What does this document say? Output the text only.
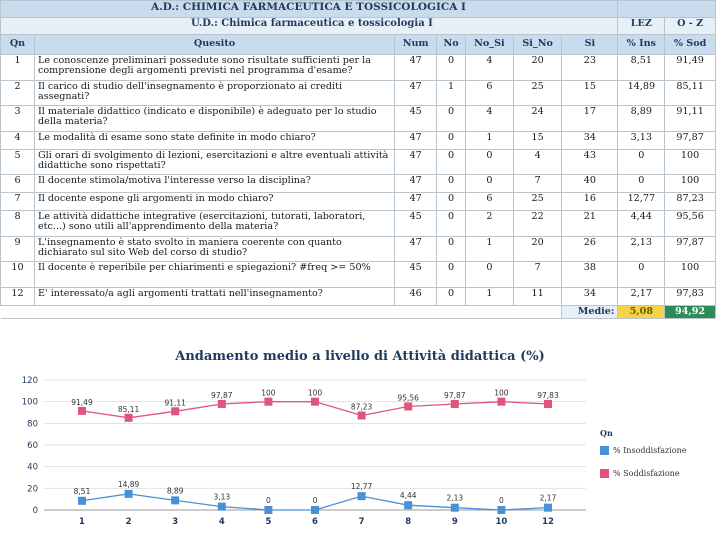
A.D.: CHIMICA FARMACEUTICA E TOSSICOLOGICA I								
U.D.: Chimica farmaceutica e tossicologia I							LEZ	O - Z
Qn	Quesito	Num	No	No_Si	Si_No	Si	% Ins	% Sod
1	Le conoscenze preliminari possedute sono risultate sufficienti per la comprensione degli argomenti previsti nel programma d'esame?	47	0	4	20	23	8,51	91,49
2	Il carico di studio dell'insegnamento è proporzionato ai crediti assegnati?	47	1	6	25	15	14,89	85,11
3	Il materiale didattico (indicato e disponibile) è adeguato per lo studio della materia?	45	0	4	24	17	8,89	91,11
4	Le modalità di esame sono state definite in modo chiaro?	47	0	1	15	34	3,13	97,87
5	Gli orari di svolgimento di lezioni, esercitazioni e altre eventuali attività didattiche sono rispettati?	47	0	0	4	43	0	100
6	Il docente stimola/motiva l'interesse verso la disciplina?	47	0	0	7	40	0	100
7	Il docente espone gli argomenti in modo chiaro?	47	0	6	25	16	12,77	87,23
8	Le attività didattiche integrative (esercitazioni, tutorati, laboratori, etc...) sono utili all'apprendimento della materia?	45	0	2	22	21	4,44	95,56
9	L'insegnamento è stato svolto in maniera coerente con quanto dichiarato sul sito Web del corso di studio?	47	0	1	20	26	2,13	97,87
10	Il docente è reperibile per chiarimenti e spiegazioni? #freq >= 50%	45	0	0	7	38	0	100
12	E' interessato/a agli argomenti trattati nell'insegnamento?	46	0	1	11	34	2,17	97,83
						Medie:	5,08	94,92

Andamento medio a livello di Attività didattica (%)
0
20
40
60
80
100
120
1	2	3	4	5	6	7	8	9	10	12
8,51
14,89
8,89
3,13	0	0
12,77
4,44	2,13	0	2,17
91,49
85,11
91,11
97,87	100	100
87,23
95,56	97,87	100	97,83
Qn
% Insoddisfazione
% Soddisfazione
